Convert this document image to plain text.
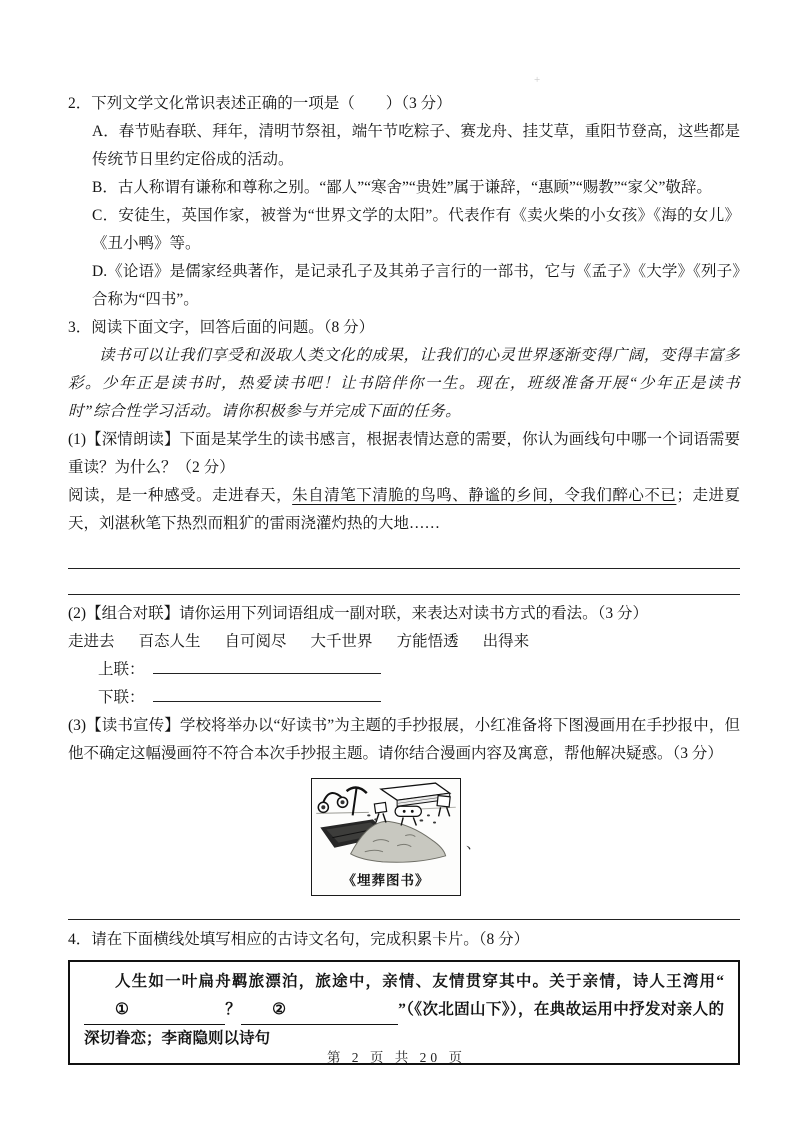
+
2．下列文学文化常识表述正确的一项是（　　）（3 分）
A．春节贴春联、拜年，清明节祭祖，端午节吃粽子、赛龙舟、挂艾草，重阳节登高，这些都是传统节日里约定俗成的活动。
B．古人称谓有谦称和尊称之别。“鄙人”“寒舍”“贵姓”属于谦辞，“惠顾”“赐教”“家父”敬辞。
C．安徒生，英国作家，被誉为“世界文学的太阳”。代表作有《卖火柴的小女孩》《海的女儿》《丑小鸭》等。
D.《论语》是儒家经典著作，是记录孔子及其弟子言行的一部书，它与《孟子》《大学》《列子》合称为“四书”。
3．阅读下面文字，回答后面的问题。（8 分）
读书可以让我们享受和汲取人类文化的成果，让我们的心灵世界逐渐变得广阔，变得丰富多彩。少年正是读书时，热爱读书吧！让书陪伴你一生。现在，班级准备开展“少年正是读书时”综合性学习活动。请你积极参与并完成下面的任务。
(1)【深情朗读】下面是某学生的读书感言，根据表情达意的需要，你认为画线句中哪一个词语需要重读？为什么？（2 分）
阅读，是一种感受。走进春天，朱自清笔下清脆的鸟鸣、静谧的乡间，令我们醉心不已；走进夏天，刘湛秋笔下热烈而粗犷的雷雨浇灌灼热的大地……
(2)【组合对联】请你运用下列词语组成一副对联，来表达对读书方式的看法。（3 分）
走进去 百态人生 自可阅尽 大千世界 方能悟透 出得来
上联：
下联：
(3)【读书宣传】学校将举办以“好读书”为主题的手抄报展，小红准备将下图漫画用在手抄报中，但他不确定这幅漫画符不符合本次手抄报主题。请你结合漫画内容及寓意，帮他解决疑惑。（3 分）
《埋葬图书》
、
4．请在下面横线处填写相应的古诗文名句，完成积累卡片。（8 分）

人生如一叶扁舟羁旅漂泊，旅途中，亲情、友情贯穿其中。关于亲情，诗人王湾用“①	？ ②	”（《次北固山下》），在典故运用中抒发对亲人的深切眷恋；李商隐则以诗句

第 2 页 共 20 页
